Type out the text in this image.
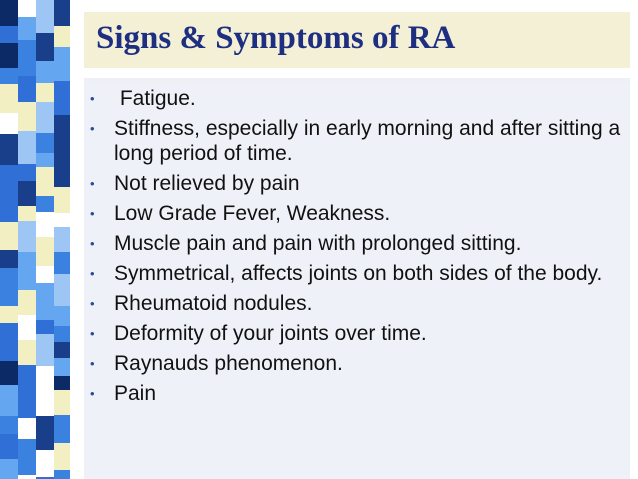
Signs & Symptoms of RA
• Fatigue.
• Stiffness, especially in early morning and after sitting a long period of time.
• Not relieved by pain
• Low Grade Fever, Weakness.
• Muscle pain and pain with prolonged sitting.
• Symmetrical, affects joints on both sides of the body.
• Rheumatoid nodules.
• Deformity of your joints over time.
• Raynauds phenomenon.
• Pain
